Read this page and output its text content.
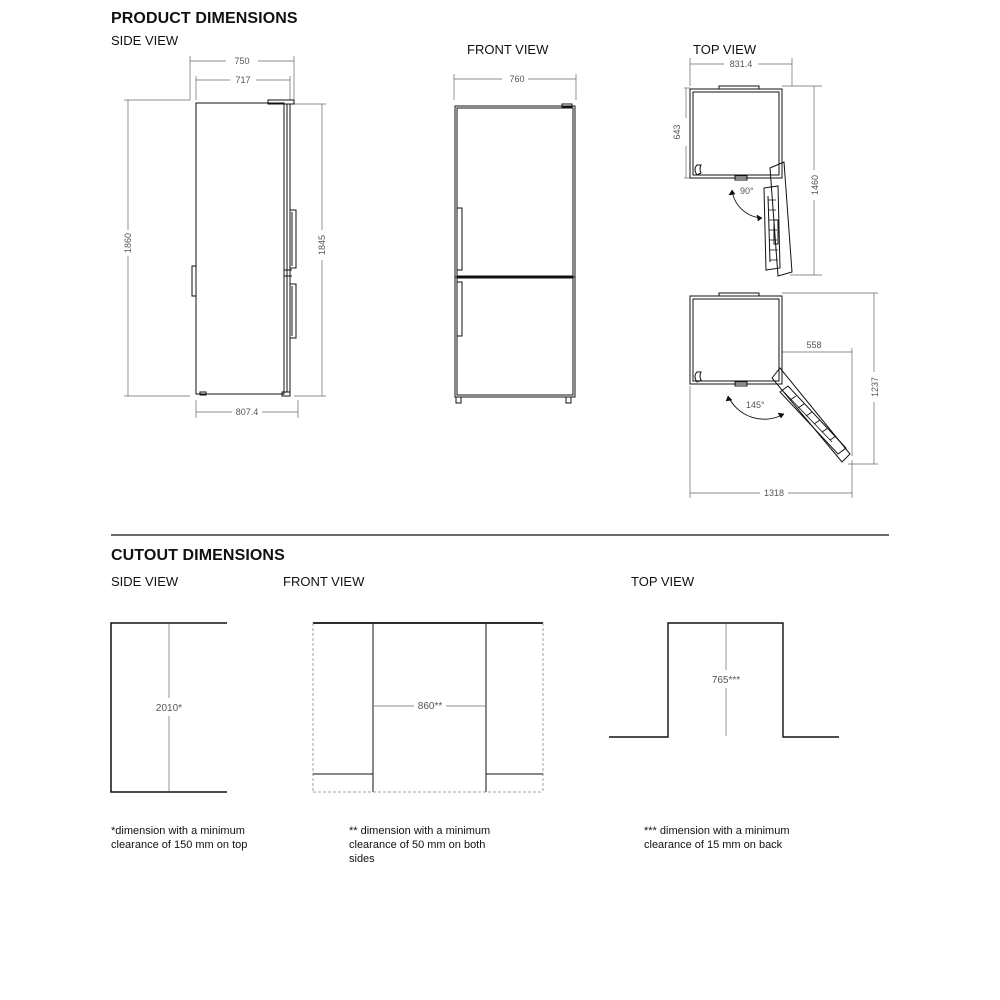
PRODUCT DIMENSIONS
SIDE VIEW
FRONT VIEW	TOP VIEW
CUTOUT DIMENSIONS
SIDE VIEW	FRONT VIEW	TOP VIEW
*dimension with a minimum clearance of 150 mm on top
** dimension with a minimum clearance of 50 mm on both sides
*** dimension with a minimum clearance of 15 mm on back
750
717
1860	1845
807.4
760
831.4
643
1460
90°
558
1237
145°
1318
2010*	860**
765***
